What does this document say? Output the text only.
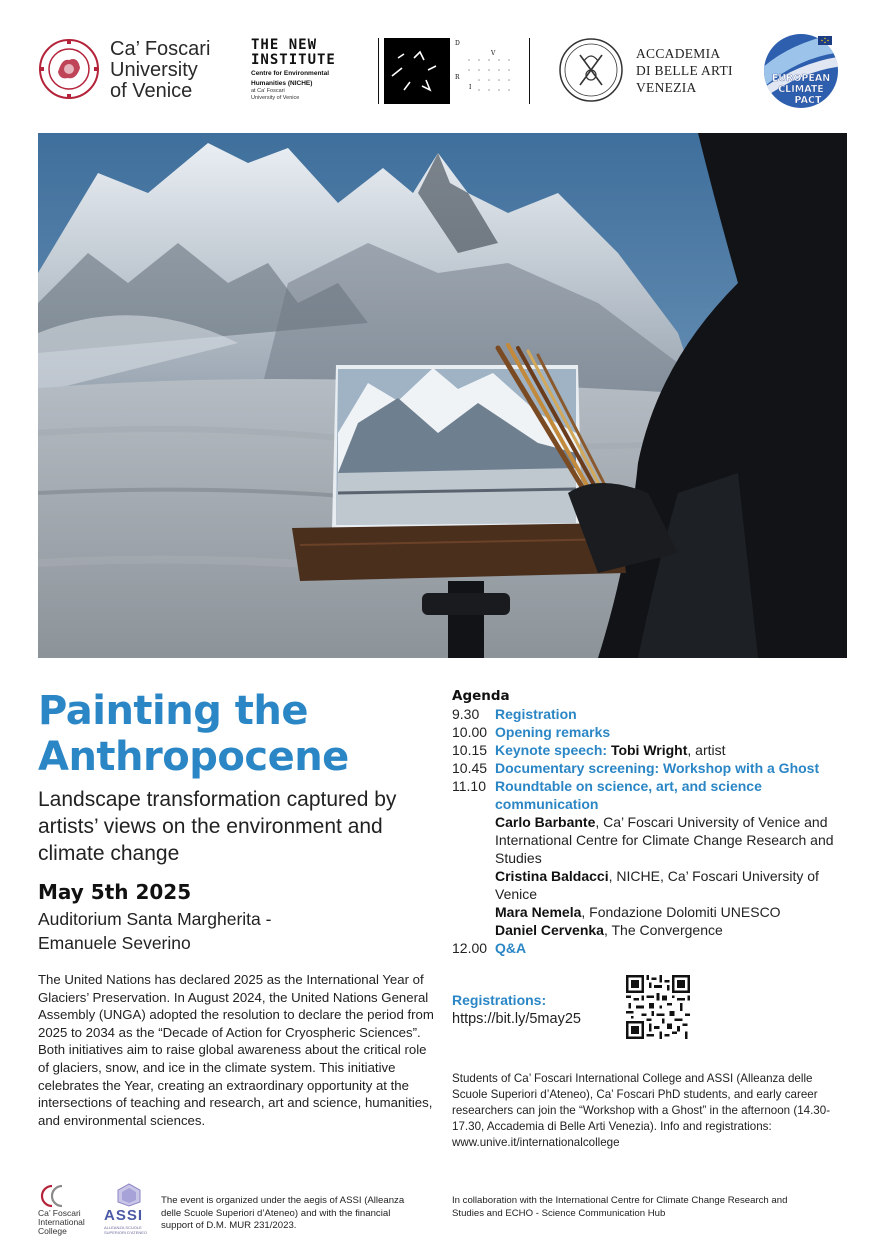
Ca’ Foscari
University
of Venice
THE NEW
INSTITUTE
Centre for Environmental
Humanities (NICHE)
at Ca’ Foscari
University of Venice
D
V
R
I
ACCADEMIA
DI BELLE ARTI
VENEZIA
EUROPEAN
CLIMATE
PACT
Painting the
Anthropocene
Landscape transformation captured by artists’ views on the environment and climate change
May 5th 2025
Auditorium Santa Margherita -
Emanuele Severino

The United Nations has declared 2025 as the International Year of Glaciers’ Preservation. In August 2024, the United Nations General Assembly (UNGA) adopted the resolution to declare the period from 2025 to 2034 as the “Decade of Action for Cryospheric Sciences”.

Both initiatives aim to raise global awareness about the critical role of glaciers, snow, and ice in the climate system. This initiative celebrates the Year, creating an extraordinary opportunity at the intersections of teaching and research, art and science, humanities, and environmental sciences.

Agenda
9.30	Registration
10.00 Opening remarks
10.15 Keynote speech: Tobi Wright, artist
10.45 Documentary screening: Workshop with a Ghost
11.10 Roundtable on science, art, and science communication
Carlo Barbante, Ca’ Foscari University of Venice and International Centre for Climate Change Research and Studies
Cristina Baldacci, NICHE, Ca’ Foscari University of Venice
Mara Nemela, Fondazione Dolomiti UNESCO
Daniel Cervenka, The Convergence
12.00 Q&A
Registrations:
https://bit.ly/5may25
Students of Ca’ Foscari International College and ASSI (Alleanza delle Scuole Superiori d’Ateneo), Ca’ Foscari PhD students, and early career researchers can join the “Workshop with a Ghost” in the afternoon (14.30-17.30, Accademia di Belle Arti Venezia). Info and registrations: www.unive.it/internationalcollege
Ca’ Foscari
International
College
ASSI
ALLEANZA SCUOLE SUPERIORI D’ATENEO
The event is organized under the aegis of ASSI (Alleanza delle Scuole Superiori d’Ateneo) and with the financial support of D.M. MUR 231/2023.
In collaboration with the International Centre for Climate Change Research and Studies and ECHO - Science Communication Hub
